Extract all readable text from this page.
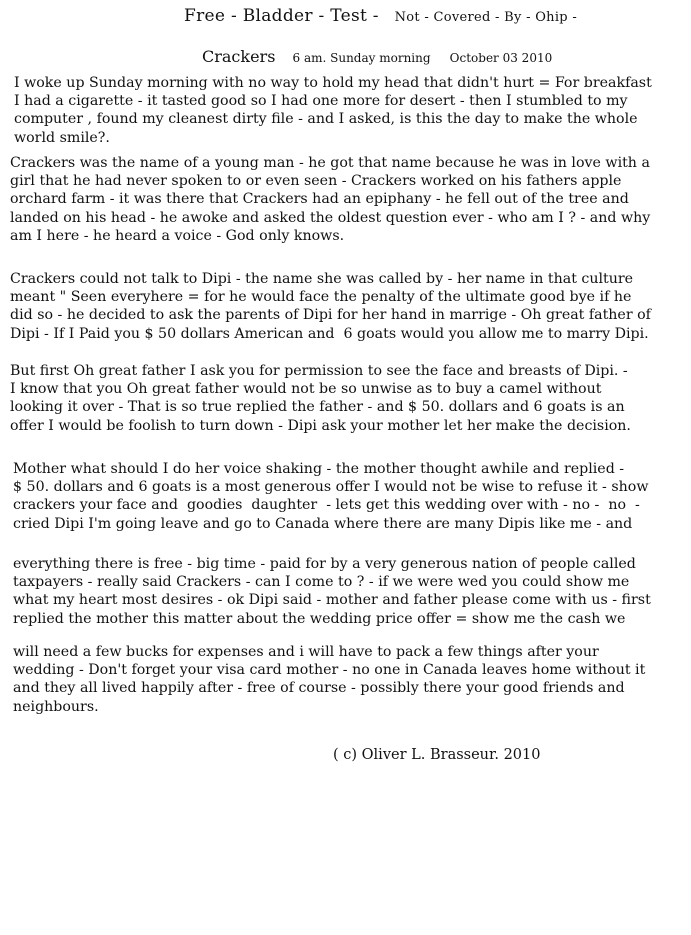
Free - Bladder - Test - Not - Covered - By - Ohip -
Crackers 6 am. Sunday morning October 03 2010
I woke up Sunday morning with no way to hold my head that didn't hurt = For breakfast
I had a cigarette - it tasted good so I had one more for desert - then I stumbled to my
computer , found my cleanest dirty file - and I asked, is this the day to make the whole
world smile?.
Crackers was the name of a young man - he got that name because he was in love with a
girl that he had never spoken to or even seen - Crackers worked on his fathers apple
orchard farm - it was there that Crackers had an epiphany - he fell out of the tree and
landed on his head - he awoke and asked the oldest question ever - who am I ? - and why
am I here - he heard a voice - God only knows.
Crackers could not talk to Dipi - the name she was called by - her name in that culture
meant " Seen everyhere = for he would face the penalty of the ultimate good bye if he
did so - he decided to ask the parents of Dipi for her hand in marrige - Oh great father of
Dipi - If I Paid you $ 50 dollars American and  6 goats would you allow me to marry Dipi.
But first Oh great father I ask you for permission to see the face and breasts of Dipi. -
I know that you Oh great father would not be so unwise as to buy a camel without
looking it over - That is so true replied the father - and $ 50. dollars and 6 goats is an
offer I would be foolish to turn down - Dipi ask your mother let her make the decision.
Mother what should I do her voice shaking - the mother thought awhile and replied -
$ 50. dollars and 6 goats is a most generous offer I would not be wise to refuse it - show
crackers your face and  goodies  daughter  - lets get this wedding over with - no -  no  -
cried Dipi I'm going leave and go to Canada where there are many Dipis like me - and
everything there is free - big time - paid for by a very generous nation of people called
taxpayers - really said Crackers - can I come to ? - if we were wed you could show me
what my heart most desires - ok Dipi said - mother and father please come with us - first
replied the mother this matter about the wedding price offer = show me the cash we
will need a few bucks for expenses and i will have to pack a few things after your
wedding - Don't forget your visa card mother - no one in Canada leaves home without it
and they all lived happily after - free of course - possibly there your good friends and
neighbours.
( c) Oliver L. Brasseur. 2010
